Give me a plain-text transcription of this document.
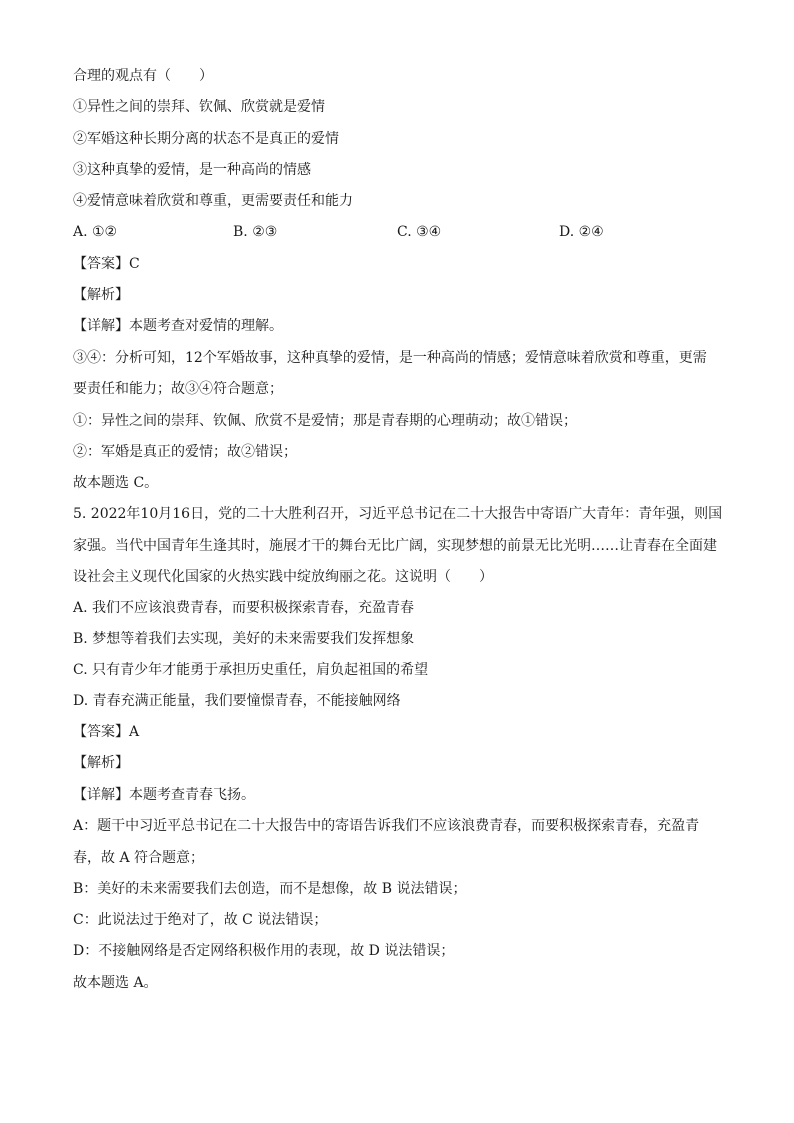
合理的观点有（　　）
①异性之间的崇拜、钦佩、欣赏就是爱情
②军婚这种长期分离的状态不是真正的爱情
③这种真挚的爱情，是一种高尚的情感
④爱情意味着欣赏和尊重，更需要责任和能力
A. ①②	B. ②③	C. ③④	D. ②④
【答案】C
【解析】
【详解】本题考查对爱情的理解。
③④：分析可知，12个军婚故事，这种真挚的爱情，是一种高尚的情感；爱情意味着欣赏和尊重，更需
要责任和能力；故③④符合题意；
①：异性之间的崇拜、钦佩、欣赏不是爱情；那是青春期的心理萌动；故①错误；
②：军婚是真正的爱情；故②错误；
故本题选 C。
5. 2022年10月16日，党的二十大胜利召开，习近平总书记在二十大报告中寄语广大青年：青年强，则国
家强。当代中国青年生逢其时，施展才干的舞台无比广阔，实现梦想的前景无比光明……让青春在全面建
设社会主义现代化国家的火热实践中绽放绚丽之花。这说明（　　）
A. 我们不应该浪费青春，而要积极探索青春，充盈青春
B. 梦想等着我们去实现，美好的未来需要我们发挥想象
C. 只有青少年才能勇于承担历史重任，肩负起祖国的希望
D. 青春充满正能量，我们要憧憬青春，不能接触网络
【答案】A
【解析】
【详解】本题考查青春飞扬。
A：题干中习近平总书记在二十大报告中的寄语告诉我们不应该浪费青春，而要积极探索青春，充盈青
春，故 A 符合题意；
B：美好的未来需要我们去创造，而不是想像，故 B 说法错误；
C：此说法过于绝对了，故 C 说法错误；
D：不接触网络是否定网络积极作用的表现，故 D 说法错误；
故本题选 A。
